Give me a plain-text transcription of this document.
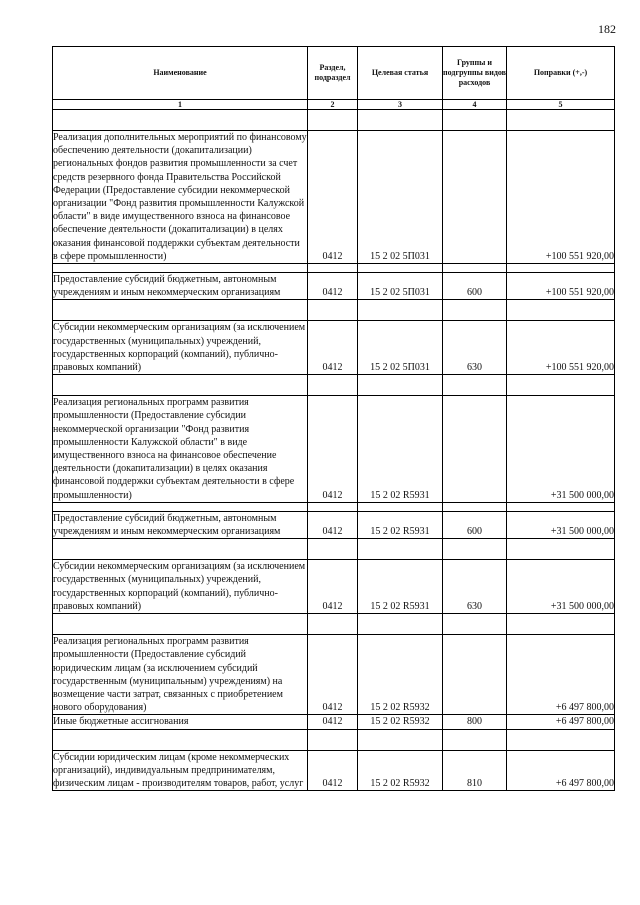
182
Наименование	Раздел, подраздел	Целевая статья	Группы и подгруппы видов расходов	Поправки (+,-)
1	2	3	4	5

Реализация дополнительных мероприятий по финансовому обеспечению деятельности (докапитализации) региональных фондов развития промышленности за счет средств резервного фонда Правительства Российской Федерации (Предоставление субсидии некоммерческой организации "Фонд развития промышленности Калужской области" в виде имущественного взноса на финансовое обеспечение деятельности (докапитализации) в целях оказания финансовой поддержки субъектам деятельности в сфере промышленности)	0412	15 2 02 5П031		+100 551 920,00

Предоставление субсидий бюджетным, автономным учреждениям и иным некоммерческим организациям	0412	15 2 02 5П031	600	+100 551 920,00

Субсидии некоммерческим организациям (за исключением государственных (муниципальных) учреждений, государственных корпораций (компаний), публично-правовых компаний)	0412	15 2 02 5П031	630	+100 551 920,00

Реализация региональных программ развития промышленности (Предоставление субсидии некоммерческой организации "Фонд развития промышленности Калужской области" в виде имущественного взноса на финансовое обеспечение деятельности (докапитализации) в целях оказания финансовой поддержки субъектам деятельности в сфере промышленности)	0412	15 2 02 R5931		+31 500 000,00

Предоставление субсидий бюджетным, автономным учреждениям и иным некоммерческим организациям	0412	15 2 02 R5931	600	+31 500 000,00

Субсидии некоммерческим организациям (за исключением государственных (муниципальных) учреждений, государственных корпораций (компаний), публично-правовых компаний)	0412	15 2 02 R5931	630	+31 500 000,00

Реализация региональных программ развития промышленности (Предоставление субсидий юридическим лицам (за исключением субсидий государственным (муниципальным) учреждениям) на возмещение части затрат, связанных с приобретением нового оборудования)	0412	15 2 02 R5932		+6 497 800,00
Иные бюджетные ассигнования	0412	15 2 02 R5932	800	+6 497 800,00

Субсидии юридическим лицам (кроме некоммерческих организаций), индивидуальным предпринимателям, физическим лицам - производителям товаров, работ, услуг	0412	15 2 02 R5932	810	+6 497 800,00
